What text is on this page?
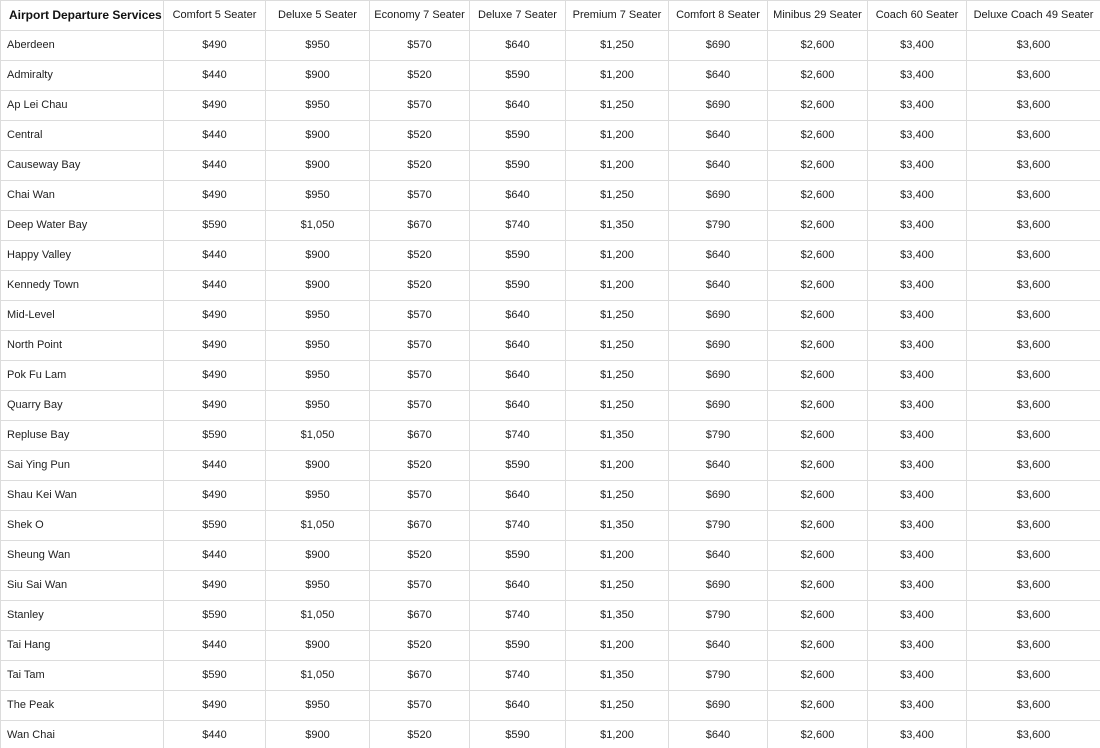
Airport Departure Services	Comfort 5 Seater	Deluxe 5 Seater	Economy 7 Seater	Deluxe 7 Seater	Premium 7 Seater	Comfort 8 Seater	Minibus 29 Seater	Coach 60 Seater	Deluxe Coach 49 Seater
Aberdeen	$490	$950	$570	$640	$1,250	$690	$2,600	$3,400	$3,600
Admiralty	$440	$900	$520	$590	$1,200	$640	$2,600	$3,400	$3,600
Ap Lei Chau	$490	$950	$570	$640	$1,250	$690	$2,600	$3,400	$3,600
Central	$440	$900	$520	$590	$1,200	$640	$2,600	$3,400	$3,600
Causeway Bay	$440	$900	$520	$590	$1,200	$640	$2,600	$3,400	$3,600
Chai Wan	$490	$950	$570	$640	$1,250	$690	$2,600	$3,400	$3,600
Deep Water Bay	$590	$1,050	$670	$740	$1,350	$790	$2,600	$3,400	$3,600
Happy Valley	$440	$900	$520	$590	$1,200	$640	$2,600	$3,400	$3,600
Kennedy Town	$440	$900	$520	$590	$1,200	$640	$2,600	$3,400	$3,600
Mid-Level	$490	$950	$570	$640	$1,250	$690	$2,600	$3,400	$3,600
North Point	$490	$950	$570	$640	$1,250	$690	$2,600	$3,400	$3,600
Pok Fu Lam	$490	$950	$570	$640	$1,250	$690	$2,600	$3,400	$3,600
Quarry Bay	$490	$950	$570	$640	$1,250	$690	$2,600	$3,400	$3,600
Repluse Bay	$590	$1,050	$670	$740	$1,350	$790	$2,600	$3,400	$3,600
Sai Ying Pun	$440	$900	$520	$590	$1,200	$640	$2,600	$3,400	$3,600
Shau Kei Wan	$490	$950	$570	$640	$1,250	$690	$2,600	$3,400	$3,600
Shek O	$590	$1,050	$670	$740	$1,350	$790	$2,600	$3,400	$3,600
Sheung Wan	$440	$900	$520	$590	$1,200	$640	$2,600	$3,400	$3,600
Siu Sai Wan	$490	$950	$570	$640	$1,250	$690	$2,600	$3,400	$3,600
Stanley	$590	$1,050	$670	$740	$1,350	$790	$2,600	$3,400	$3,600
Tai Hang	$440	$900	$520	$590	$1,200	$640	$2,600	$3,400	$3,600
Tai Tam	$590	$1,050	$670	$740	$1,350	$790	$2,600	$3,400	$3,600
The Peak	$490	$950	$570	$640	$1,250	$690	$2,600	$3,400	$3,600
Wan Chai	$440	$900	$520	$590	$1,200	$640	$2,600	$3,400	$3,600
